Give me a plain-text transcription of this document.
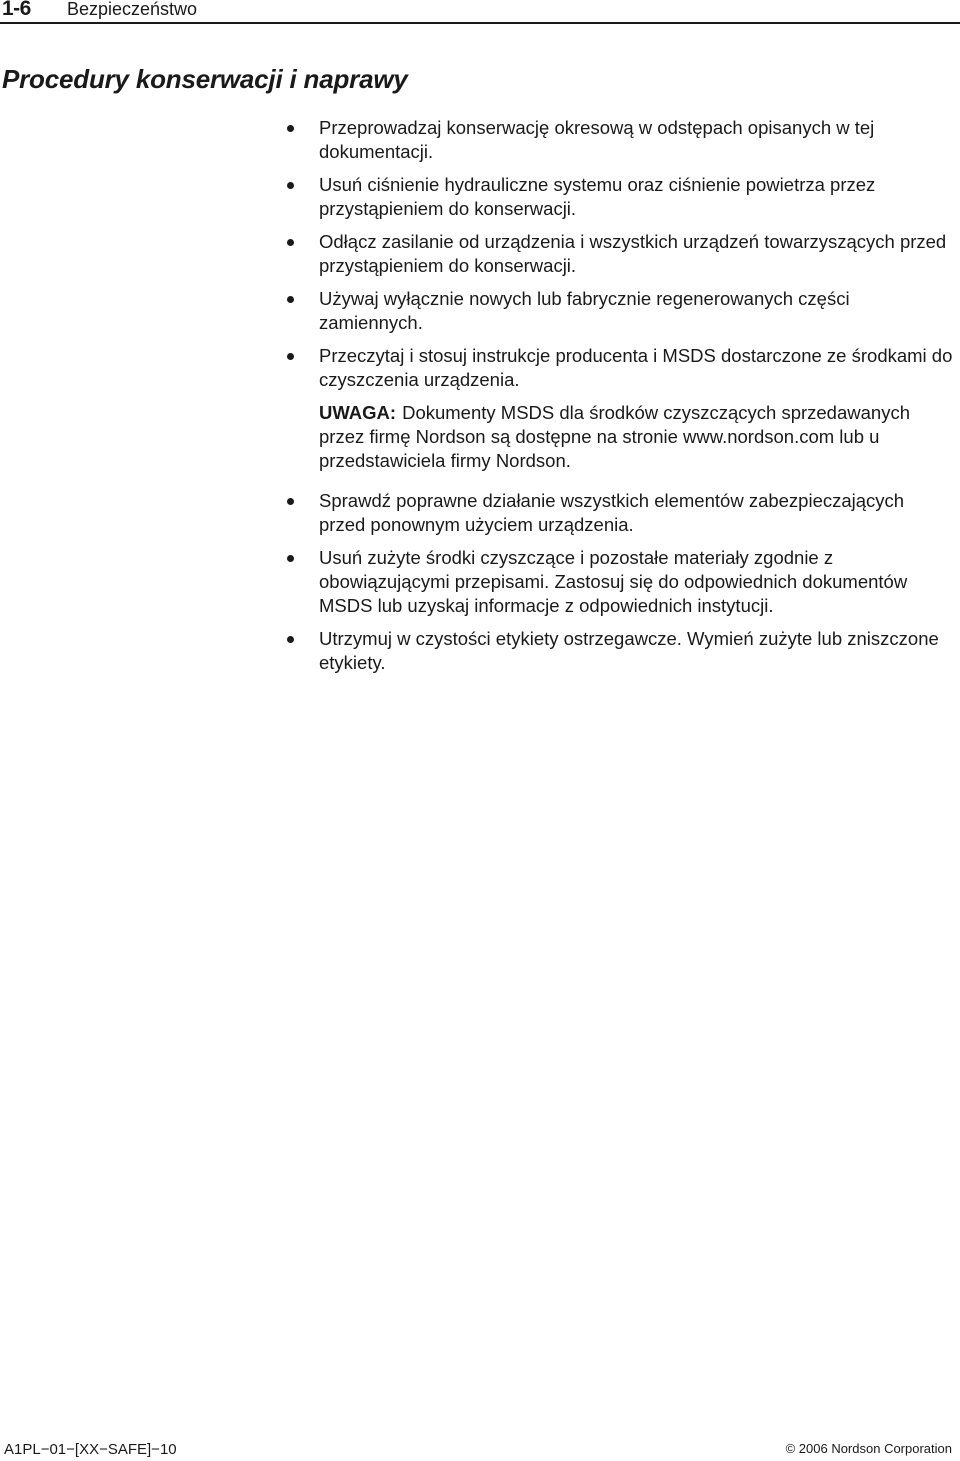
1-6 Bezpieczeństwo
Procedury konserwacji i naprawy
Przeprowadzaj konserwację okresową w odstępach opisanych w tej dokumentacji.
Usuń ciśnienie hydrauliczne systemu oraz ciśnienie powietrza przez przystąpieniem do konserwacji.
Odłącz zasilanie od urządzenia i wszystkich urządzeń towarzyszących przed przystąpieniem do konserwacji.
Używaj wyłącznie nowych lub fabrycznie regenerowanych części zamiennych.
Przeczytaj i stosuj instrukcje producenta i MSDS dostarczone ze środkami do czyszczenia urządzenia.
UWAGA: Dokumenty MSDS dla środków czyszczących sprzedawanych przez firmę Nordson są dostępne na stronie www.nordson.com lub u przedstawiciela firmy Nordson.
Sprawdź poprawne działanie wszystkich elementów zabezpieczających przed ponownym użyciem urządzenia.
Usuń zużyte środki czyszczące i pozostałe materiały zgodnie z obowiązującymi przepisami. Zastosuj się do odpowiednich dokumentów MSDS lub uzyskaj informacje z odpowiednich instytucji.
Utrzymuj w czystości etykiety ostrzegawcze. Wymień zużyte lub zniszczone etykiety.
A1PL−01−[XX−SAFE]−10	© 2006 Nordson Corporation
